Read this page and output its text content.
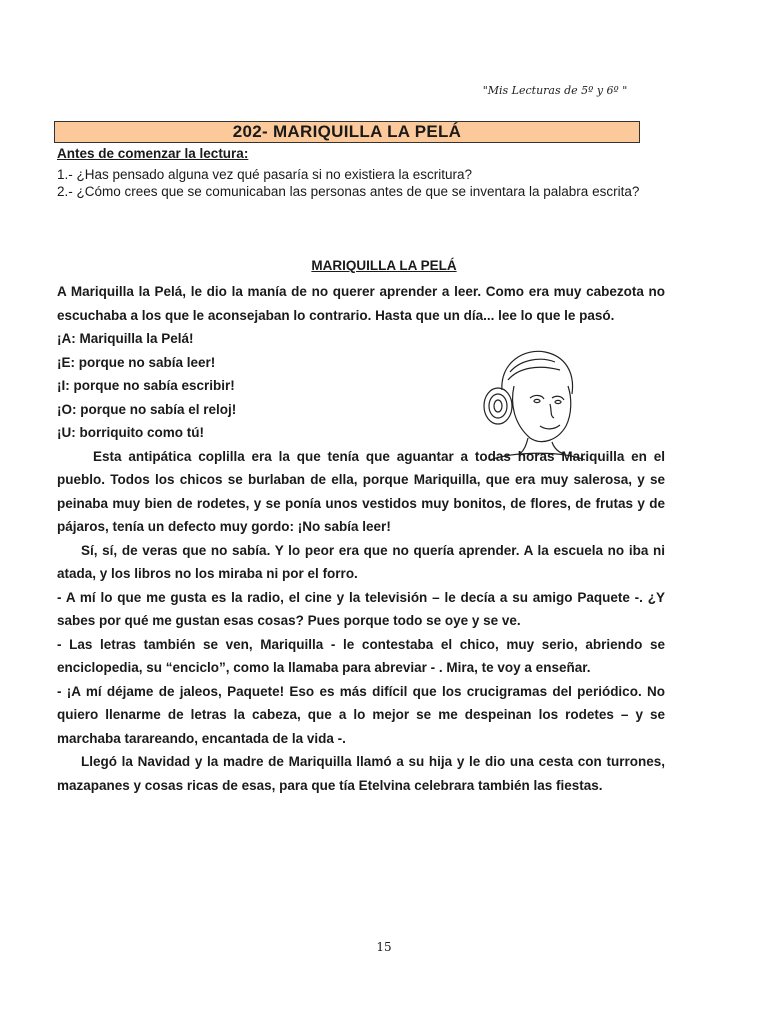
"Mis Lecturas de 5º y 6º "
202- MARIQUILLA LA PELÁ
Antes de comenzar la lectura:

1.- ¿Has pensado alguna vez qué pasaría si no existiera la escritura?

2.- ¿Cómo crees que se comunicaban las personas antes de que se inventara la palabra escrita?

MARIQUILLA LA PELÁ

A Mariquilla la Pelá, le dio la manía de no querer aprender a leer. Como era muy cabezota no escuchaba a los que le aconsejaban lo contrario. Hasta que un día... lee lo que le pasó.

¡A: Mariquilla la Pelá!

¡E: porque no sabía leer!

¡I: porque no sabía escribir!

¡O: porque no sabía el reloj!

¡U: borriquito como tú!

Esta antipática coplilla era la que tenía que aguantar a todas horas Mariquilla en el pueblo. Todos los chicos se burlaban de ella, porque Mariquilla, que era muy salerosa, y se peinaba muy bien de rodetes, y se ponía unos vestidos muy bonitos, de flores, de frutas y de pájaros, tenía un defecto muy gordo: ¡No sabía leer!

Sí, sí, de veras que no sabía. Y lo peor era que no quería aprender. A la escuela no iba ni atada, y los libros no los miraba ni por el forro.

- A mí lo que me gusta es la radio, el cine y la televisión – le decía a su amigo Paquete -. ¿Y sabes por qué me gustan esas cosas? Pues porque todo se oye y se ve.

- Las letras también se ven, Mariquilla - le contestaba el chico, muy serio, abriendo se enciclopedia, su “enciclo”, como la llamaba para abreviar - . Mira, te voy a enseñar.

- ¡A mí déjame de jaleos, Paquete! Eso es más difícil que los crucigramas del periódico. No quiero llenarme de letras la cabeza, que a lo mejor se me despeinan los rodetes – y se marchaba tarareando, encantada de la vida -.

Llegó la Navidad y la madre de Mariquilla llamó a su hija y le dio una cesta con turrones, mazapanes y cosas ricas de esas, para que tía Etelvina celebrara también las fiestas.

15
